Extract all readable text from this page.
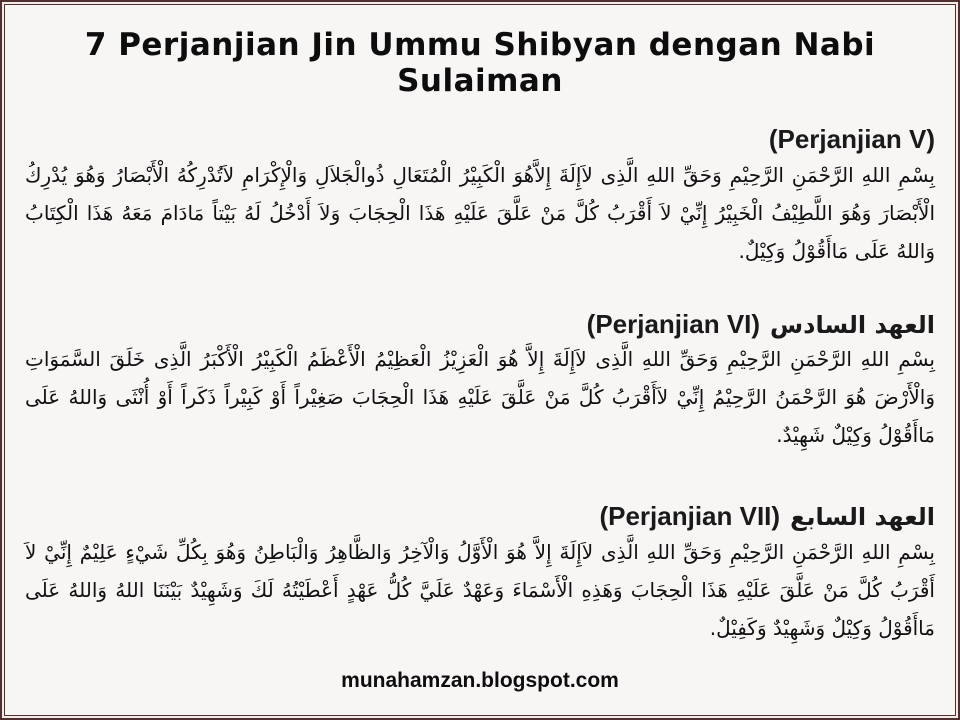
7 Perjanjian Jin Ummu Shibyan dengan Nabi Sulaiman
(Perjanjian V)

بِسْمِ اللهِ الرَّحْمَنِ الرَّحِيْمِ وَحَقِّ اللهِ الَّذِى لاَإِلَةَ إِلاَّهُوَ الْكَبِيْرُ الْمُتَعَالِ ذُوالْجَلاَلِ وَالْإِكْرَامِ لاَتُدْرِكُهُ الْأَبْصَارُ وَهُوَ يُدْرِكُ الْأَبْصَارَ وَهُوَ اللَّطِيْفُ الْخَبِيْرُ إِنِّيْ لاَ أَقْرَبُ كُلَّ مَنْ عَلَّقَ عَلَيْهِ هَذَا الْحِجَابَ وَلاَ أَدْخُلُ لَهُ بَيْتاً مَادَامَ مَعَهُ هَذَا الْكِتَابُ وَاللهُ عَلَى مَاأَقُوْلُ وَكِيْلٌ.

العهد السادس(Perjanjian VI)

بِسْمِ اللهِ الرَّحْمَنِ الرَّحِيْمِ وَحَقِّ اللهِ الَّذِى لاَإِلَةَ إِلاَّ هُوَ الْعَزِيْزُ الْعَظِيْمُ الْأَعْظَمُ الْكَبِيْرُ الْأَكْبَرُ الَّذِى خَلَقَ السَّمَوَاتِ وَالْأَرْضَ هُوَ الرَّحْمَنُ الرَّحِيْمُ إِنِّيْ لاَأَقْرَبُ كُلَّ مَنْ عَلَّقَ عَلَيْهِ هَذَا الْحِجَابَ صَغِيْراً أَوْ كَبِيْراً ذَكَراً أَوْ أُنْثَى وَاللهُ عَلَى مَاأَقُوْلُ وَكِيْلٌ شَهِيْدٌ.

العهد السابع(Perjanjian VII)

بِسْمِ اللهِ الرَّحْمَنِ الرَّحِيْمِ وَحَقِّ اللهِ الَّذِى لاَإِلَةَ إِلاَّ هُوَ الْأَوَّلُ وَالْآخِرُ وَالظَّاهِرُ وَالْبَاطِنُ وَهُوَ بِكُلِّ شَيْءٍ عَلِيْمٌ إِنِّيْ لاَ أَقْرَبُ كُلَّ مَنْ عَلَّقَ عَلَيْهِ هَذَا الْحِجَابَ وَهَذِهِ الْأَسْمَاءَ وَعَهْدٌ عَلَيَّ كُلُّ عَهْدٍ أَعْطَيْتُهُ لَكَ وَشَهِيْدٌ بَيْنَنَا اللهُ وَاللهُ عَلَى مَاأَقُوْلُ وَكِيْلٌ وَشَهِيْدٌ وَكَفِيْلٌ.

munahamzan.blogspot.com
